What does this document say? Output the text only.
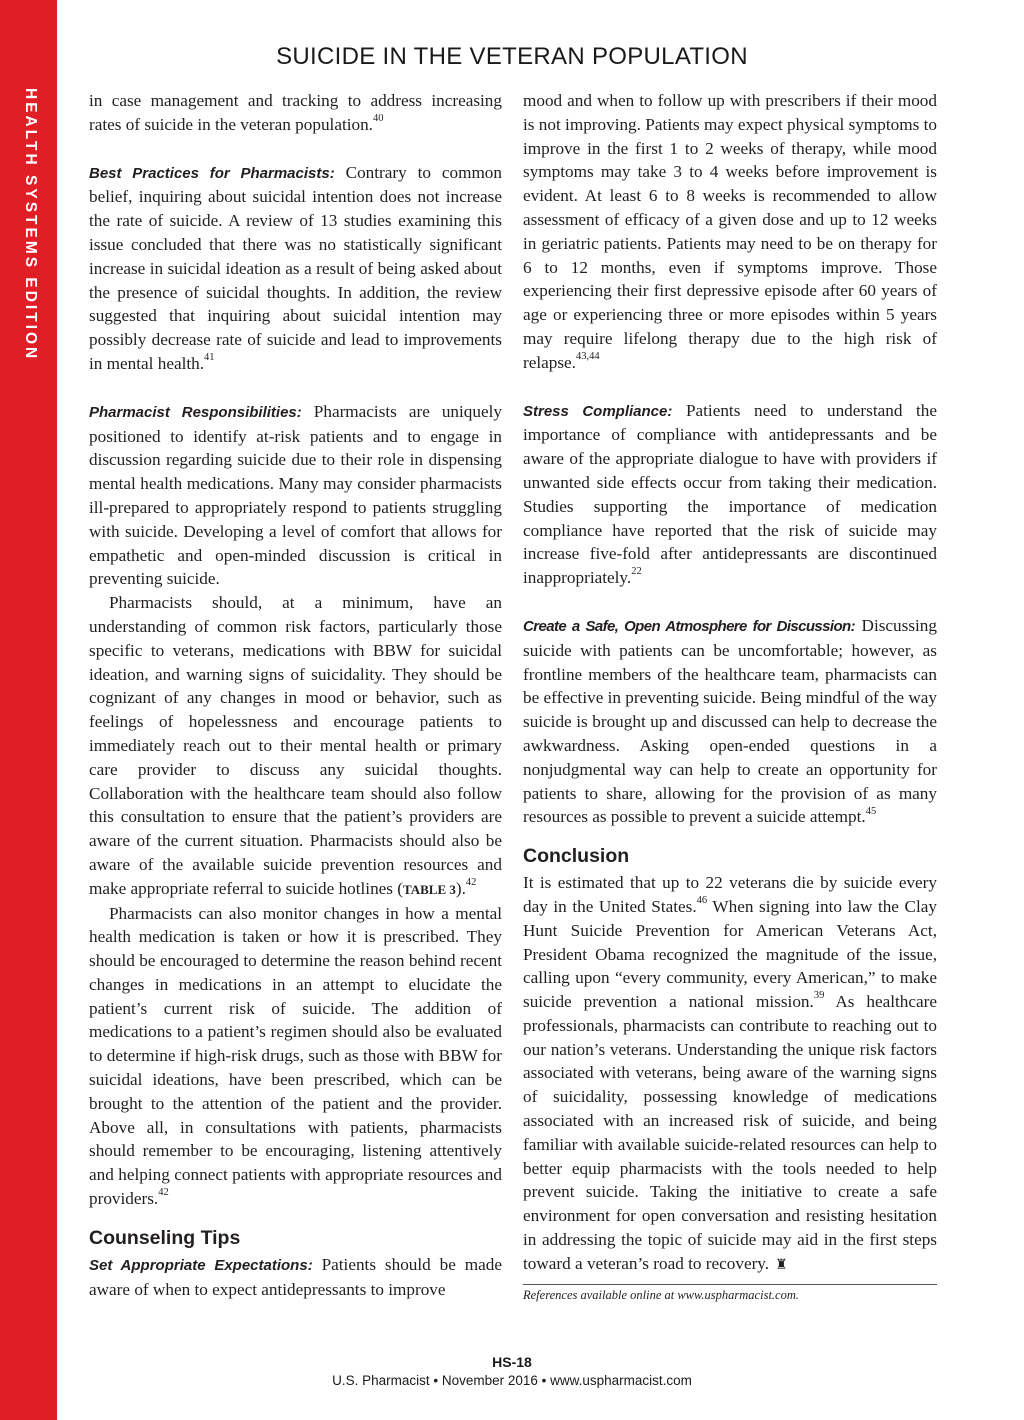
HEALTH SYSTEMS EDITION
SUICIDE IN THE VETERAN POPULATION

in case management and tracking to address increasing rates of suicide in the veteran population.$^{40}$

Best Practices for Pharmacists: Contrary to common belief, inquiring about suicidal intention does not increase the rate of suicide. A review of 13 studies examining this issue concluded that there was no statistically significant increase in suicidal ideation as a result of being asked about the presence of suicidal thoughts. In addition, the review suggested that inquiring about suicidal intention may possibly decrease rate of suicide and lead to improvements in mental health.$^{41}$

Pharmacist Responsibilities: Pharmacists are uniquely positioned to identify at-risk patients and to engage in discussion regarding suicide due to their role in dispensing mental health medications. Many may consider pharmacists ill-prepared to appropriately respond to patients struggling with suicide. Developing a level of comfort that allows for empathetic and open-minded discussion is critical in preventing suicide.

Pharmacists should, at a minimum, have an understanding of common risk factors, particularly those specific to veterans, medications with BBW for suicidal ideation, and warning signs of suicidality. They should be cognizant of any changes in mood or behavior, such as feelings of hopelessness and encourage patients to immediately reach out to their mental health or primary care provider to discuss any suicidal thoughts. Collaboration with the healthcare team should also follow this consultation to ensure that the patient’s providers are aware of the current situation. Pharmacists should also be aware of the available suicide prevention resources and make appropriate referral to suicide hotlines (TABLE 3).$^{42}$

Pharmacists can also monitor changes in how a mental health medication is taken or how it is prescribed. They should be encouraged to determine the reason behind recent changes in medications in an attempt to elucidate the patient’s current risk of suicide. The addition of medications to a patient’s regimen should also be evaluated to determine if high-risk drugs, such as those with BBW for suicidal ideations, have been prescribed, which can be brought to the attention of the patient and the provider. Above all, in consultations with patients, pharmacists should remember to be encouraging, listening attentively and helping connect patients with appropriate resources and providers.$^{42}$

Counseling Tips

Set Appropriate Expectations: Patients should be made aware of when to expect antidepressants to improve

mood and when to follow up with prescribers if their mood is not improving. Patients may expect physical symptoms to improve in the first 1 to 2 weeks of therapy, while mood symptoms may take 3 to 4 weeks before improvement is evident. At least 6 to 8 weeks is recommended to allow assessment of efficacy of a given dose and up to 12 weeks in geriatric patients. Patients may need to be on therapy for 6 to 12 months, even if symptoms improve. Those experiencing their first depressive episode after 60 years of age or experiencing three or more episodes within 5 years may require lifelong therapy due to the high risk of relapse.$^{43,44}$

Stress Compliance: Patients need to understand the importance of compliance with antidepressants and be aware of the appropriate dialogue to have with providers if unwanted side effects occur from taking their medication. Studies supporting the importance of medication compliance have reported that the risk of suicide may increase five-fold after antidepressants are discontinued inappropriately.$^{22}$

Create a Safe, Open Atmosphere for Discussion: Discussing suicide with patients can be uncomfortable; however, as frontline members of the healthcare team, pharmacists can be effective in preventing suicide. Being mindful of the way suicide is brought up and discussed can help to decrease the awkwardness. Asking open-ended questions in a nonjudgmental way can help to create an opportunity for patients to share, allowing for the provision of as many resources as possible to prevent a suicide attempt.$^{45}$

Conclusion

It is estimated that up to 22 veterans die by suicide every day in the United States.$^{46}$ When signing into law the Clay Hunt Suicide Prevention for American Veterans Act, President Obama recognized the magnitude of the issue, calling upon “every community, every American,” to make suicide prevention a national mission.$^{39}$ As healthcare professionals, pharmacists can contribute to reaching out to our nation’s veterans. Understanding the unique risk factors associated with veterans, being aware of the warning signs of suicidality, possessing knowledge of medications associated with an increased risk of suicide, and being familiar with available suicide-related resources can help to better equip pharmacists with the tools needed to help prevent suicide. Taking the initiative to create a safe environment for open conversation and resisting hesitation in addressing the topic of suicide may aid in the first steps toward a veteran’s road to recovery. ♜

References available online at www.uspharmacist.com.
HS-18
U.S. Pharmacist • November 2016 • www.uspharmacist.com
